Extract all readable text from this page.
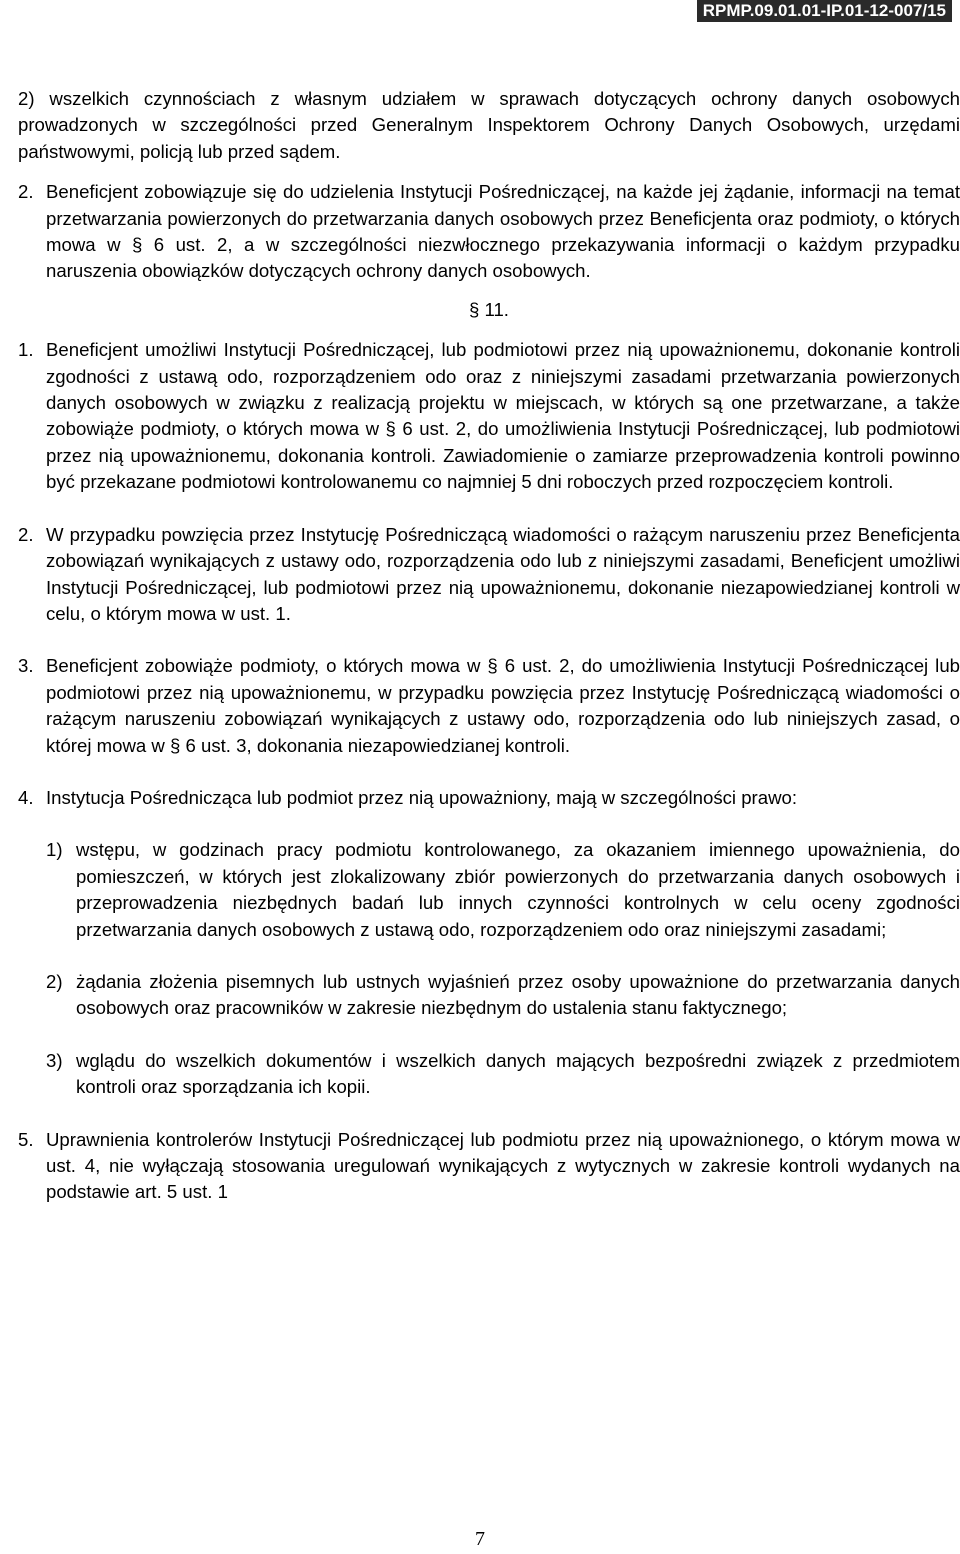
RPMP.09.01.01-IP.01-12-007/15

2) wszelkich czynnościach z własnym udziałem w sprawach dotyczących ochrony danych osobowych prowadzonych w szczególności przed Generalnym Inspektorem Ochrony Danych Osobowych, urzędami państwowymi, policją lub przed sądem.

2. Beneficjent zobowiązuje się do udzielenia Instytucji Pośredniczącej, na każde jej żądanie, informacji na temat przetwarzania powierzonych do przetwarzania danych osobowych przez Beneficjenta oraz podmioty, o których mowa w § 6 ust. 2, a w szczególności niezwłocznego przekazywania informacji o każdym przypadku naruszenia obowiązków dotyczących ochrony danych osobowych.
§ 11.
1. Beneficjent umożliwi Instytucji Pośredniczącej, lub podmiotowi przez nią upoważnionemu, dokonanie kontroli zgodności z ustawą odo, rozporządzeniem odo oraz z niniejszymi zasadami przetwarzania powierzonych danych osobowych w związku z realizacją projektu w miejscach, w których są one przetwarzane, a także zobowiąże podmioty, o których mowa w § 6 ust. 2, do umożliwienia Instytucji Pośredniczącej, lub podmiotowi przez nią upoważnionemu, dokonania kontroli. Zawiadomienie o zamiarze przeprowadzenia kontroli powinno być przekazane podmiotowi kontrolowanemu co najmniej 5 dni roboczych przed rozpoczęciem kontroli.
2. W przypadku powzięcia przez Instytucję Pośredniczącą wiadomości o rażącym naruszeniu przez Beneficjenta zobowiązań wynikających z ustawy odo, rozporządzenia odo lub z niniejszymi zasadami, Beneficjent umożliwi Instytucji Pośredniczącej, lub podmiotowi przez nią upoważnionemu, dokonanie niezapowiedzianej kontroli w celu, o którym mowa w ust. 1.
3. Beneficjent zobowiąże podmioty, o których mowa w § 6 ust. 2, do umożliwienia Instytucji Pośredniczącej lub podmiotowi przez nią upoważnionemu, w przypadku powzięcia przez Instytucję Pośredniczącą wiadomości o rażącym naruszeniu zobowiązań wynikających z ustawy odo, rozporządzenia odo lub niniejszych zasad, o której mowa w § 6 ust. 3, dokonania niezapowiedzianej kontroli.
4. Instytucja Pośrednicząca lub podmiot przez nią upoważniony, mają w szczególności prawo:
1) wstępu, w godzinach pracy podmiotu kontrolowanego, za okazaniem imiennego upoważnienia, do pomieszczeń, w których jest zlokalizowany zbiór powierzonych do przetwarzania danych osobowych i przeprowadzenia niezbędnych badań lub innych czynności kontrolnych w celu oceny zgodności przetwarzania danych osobowych z ustawą odo, rozporządzeniem odo oraz niniejszymi zasadami;
2) żądania złożenia pisemnych lub ustnych wyjaśnień przez osoby upoważnione do przetwarzania danych osobowych oraz pracowników w zakresie niezbędnym do ustalenia stanu faktycznego;
3) wglądu do wszelkich dokumentów i wszelkich danych mających bezpośredni związek z przedmiotem kontroli oraz sporządzania ich kopii.
5. Uprawnienia kontrolerów Instytucji Pośredniczącej lub podmiotu przez nią upoważnionego, o którym mowa w ust. 4, nie wyłączają stosowania uregulowań wynikających z wytycznych w zakresie kontroli wydanych na podstawie art. 5 ust. 1
7
